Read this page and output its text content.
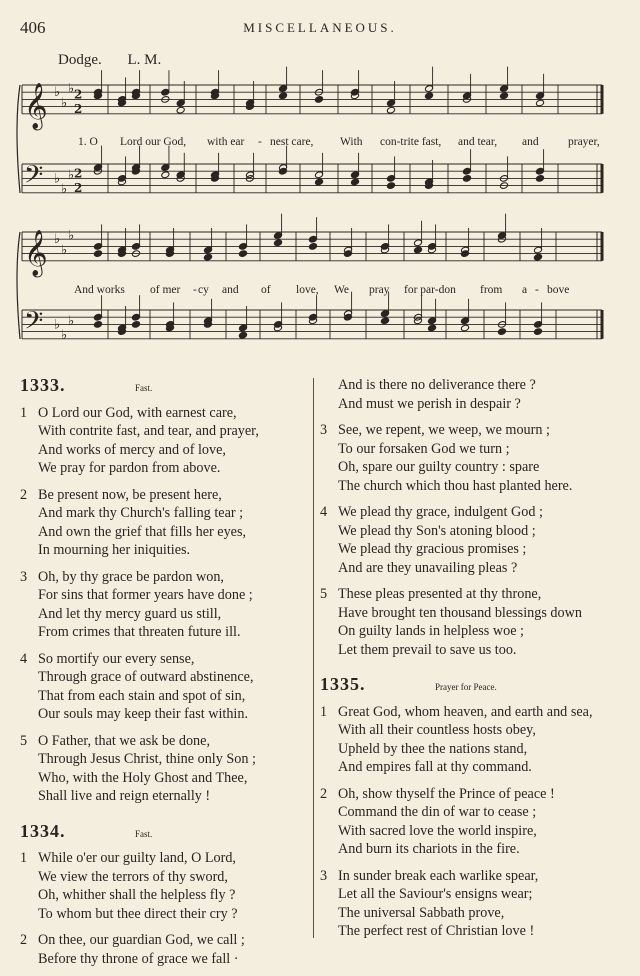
406	MISCELLANEOUS.
Dodge. L. M.
𝄞 ♭
♭
♭ 2
2
𝄢 ♭
♭
♭ 2
2
𝄞 ♭
♭
♭
𝄢 ♭
♭
♭
1. O Lord our God, with ear - nest care, With con-trite fast, and tear, and	prayer,
And works of mer - cy and of love, We pray for par-don from a - bove
1333.	Fast.
1 O Lord our God, with earnest care,
With contrite fast, and tear, and prayer,
And works of mercy and of love,
We pray for pardon from above.
2 Be present now, be present here,
And mark thy Church's falling tear ;
And own the grief that fills her eyes,
In mourning her iniquities.
3 Oh, by thy grace be pardon won,
For sins that former years have done ;
And let thy mercy guard us still,
From crimes that threaten future ill.
4 So mortify our every sense,
Through grace of outward abstinence,
That from each stain and spot of sin,
Our souls may keep their fast within.
5 O Father, that we ask be done,
Through Jesus Christ, thine only Son ;
Who, with the Holy Ghost and Thee,
Shall live and reign eternally !
1334.	Fast.
1 While o'er our guilty land, O Lord,
We view the terrors of thy sword,
Oh, whither shall the helpless fly ?
To whom but thee direct their cry ?
2 On thee, our guardian God, we call ;
Before thy throne of grace we fall ·
And is there no deliverance there ?
And must we perish in despair ?
3 See, we repent, we weep, we mourn ;
To our forsaken God we turn ;
Oh, spare our guilty country : spare
The church which thou hast planted here.
4 We plead thy grace, indulgent God ;
We plead thy Son's atoning blood ;
We plead thy gracious promises ;
And are they unavailing pleas ?
5 These pleas presented at thy throne,
Have brought ten thousand blessings down
On guilty lands in helpless woe ;
Let them prevail to save us too.
1335.	Prayer for Peace.
1 Great God, whom heaven, and earth and sea,
With all their countless hosts obey,
Upheld by thee the nations stand,
And empires fall at thy command.
2 Oh, show thyself the Prince of peace !
Command the din of war to cease ;
With sacred love the world inspire,
And burn its chariots in the fire.
3 In sunder break each warlike spear,
Let all the Saviour's ensigns wear;
The universal Sabbath prove,
The perfect rest of Christian love !
